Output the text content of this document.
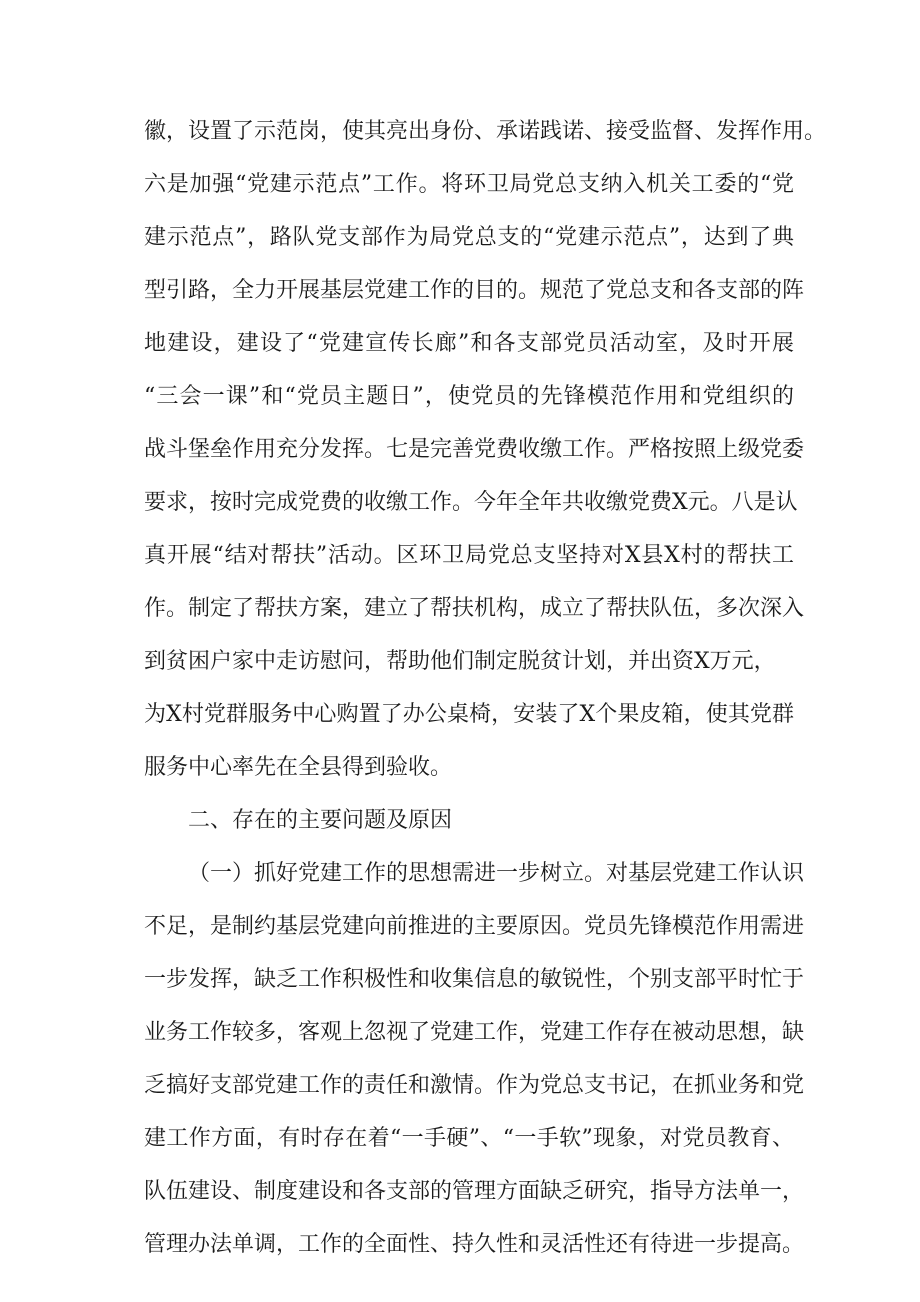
徽，设置了示范岗，使其亮出身份、承诺践诺、接受监督、发挥作用。
六是加强“党建示范点”工作。将环卫局党总支纳入机关工委的“党
建示范点”，路队党支部作为局党总支的“党建示范点”，达到了典
型引路，全力开展基层党建工作的目的。规范了党总支和各支部的阵
地建设，建设了“党建宣传长廊”和各支部党员活动室，及时开展
“三会一课”和“党员主题日”，使党员的先锋模范作用和党组织的
战斗堡垒作用充分发挥。七是完善党费收缴工作。严格按照上级党委
要求，按时完成党费的收缴工作。今年全年共收缴党费X元。八是认
真开展“结对帮扶”活动。区环卫局党总支坚持对X县X村的帮扶工
作。制定了帮扶方案，建立了帮扶机构，成立了帮扶队伍，多次深入
到贫困户家中走访慰问，帮助他们制定脱贫计划，并出资X万元，
为X村党群服务中心购置了办公桌椅，安装了X个果皮箱，使其党群
服务中心率先在全县得到验收。
二、存在的主要问题及原因
（一）抓好党建工作的思想需进一步树立。对基层党建工作认识
不足，是制约基层党建向前推进的主要原因。党员先锋模范作用需进
一步发挥，缺乏工作积极性和收集信息的敏锐性，个别支部平时忙于
业务工作较多，客观上忽视了党建工作，党建工作存在被动思想，缺
乏搞好支部党建工作的责任和激情。作为党总支书记，在抓业务和党
建工作方面，有时存在着“一手硬”、“一手软”现象，对党员教育、
队伍建设、制度建设和各支部的管理方面缺乏研究，指导方法单一，
管理办法单调，工作的全面性、持久性和灵活性还有待进一步提高。
